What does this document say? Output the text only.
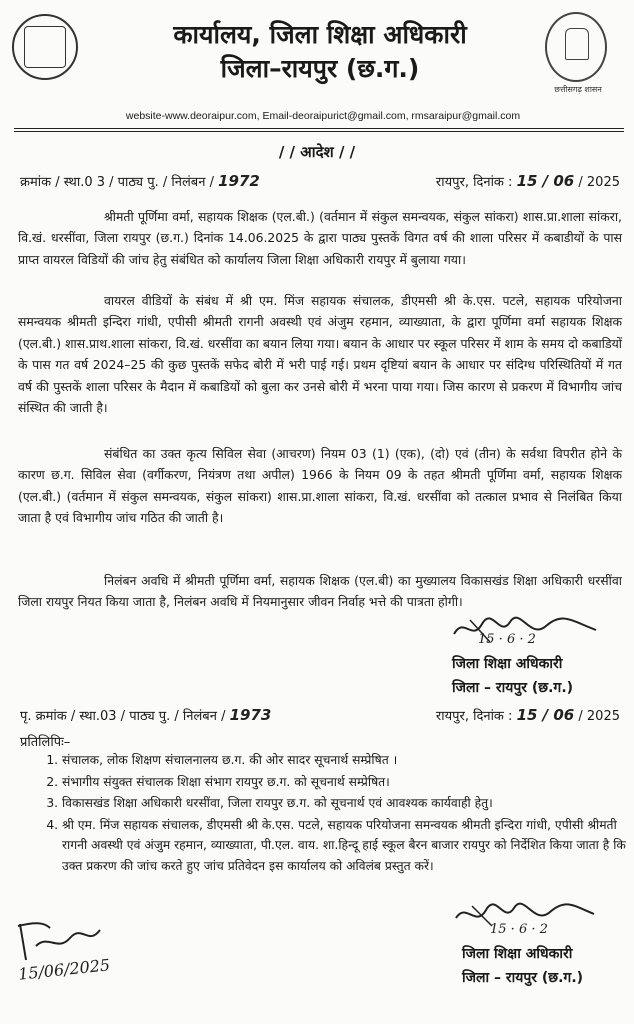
कार्यालय, जिला शिक्षा अधिकारी
जिला–रायपुर (छ.ग.)
छत्तीसगढ़ शासन
website-www.deoraipur.com, Email-deoraipurict@gmail.com, rmsaraipur@gmail.com
/ / आदेश / /
क्रमांक / स्था.0 3 / पाठ्य पु. / निलंबन / 1972	रायपुर, दिनांक : 15 / 06 / 2025
श्रीमती पूर्णिमा वर्मा, सहायक शिक्षक (एल.बी.) (वर्तमान में संकुल समन्वयक, संकुल सांकरा) शास.प्रा.शाला सांकरा, वि.खं. धरसींवा, जिला रायपुर (छ.ग.) दिनांक 14.06.2025 के द्वारा पाठ्य पुस्तकें विगत वर्ष की शाला परिसर में कबाडीयों के पास प्राप्त वायरल विडियों की जांच हेतु संबंधित को कार्यालय जिला शिक्षा अधिकारी रायपुर में बुलाया गया।
वायरल वीडियों के संबंध में श्री एम. मिंज सहायक संचालक, डीएमसी श्री के.एस. पटले, सहायक परियोजना समन्वयक श्रीमती इन्दिरा गांधी, एपीसी श्रीमती रागनी अवस्थी एवं अंजुम रहमान, व्याख्याता, के द्वारा पूर्णिमा वर्मा सहायक शिक्षक (एल.बी.) शास.प्राथ.शाला सांकरा, वि.खं. धरसींवा का बयान लिया गया। बयान के आधार पर स्कूल परिसर में शाम के समय दो कबाडियों के पास गत वर्ष 2024–25 की कुछ पुस्तकें सफेद बोरी में भरी पाई गई। प्रथम दृष्टियां बयान के आधार पर संदिग्ध परिस्थितियों में गत वर्ष की पुस्तकें शाला परिसर के मैदान में कबाडियों को बुला कर उनसे बोरी में भरना पाया गया। जिस कारण से प्रकरण में विभागीय जांच संस्थित की जाती है।
संबंधित का उक्त कृत्य सिविल सेवा (आचरण) नियम 03 (1) (एक), (दो) एवं (तीन) के सर्वथा विपरीत होने के कारण छ.ग. सिविल सेवा (वर्गीकरण, नियंत्रण तथा अपील) 1966 के नियम 09 के तहत श्रीमती पूर्णिमा वर्मा, सहायक शिक्षक (एल.बी.) (वर्तमान में संकुल समन्वयक, संकुल सांकरा) शास.प्रा.शाला सांकरा, वि.खं. धरसींवा को तत्काल प्रभाव से निलंबित किया जाता है एवं विभागीय जांच गठित की जाती है।
निलंबन अवधि में श्रीमती पूर्णिमा वर्मा, सहायक शिक्षक (एल.बी) का मुख्यालय विकासखंड शिक्षा अधिकारी धरसींवा जिला रायपुर नियत किया जाता है, निलंबन अवधि में नियमानुसार जीवन निर्वाह भत्ते की पात्रता होगी।
15 · 6 · 2
जिला शिक्षा अधिकारी
जिला – रायपुर (छ.ग.)
पृ. क्रमांक / स्था.03 / पाठ्य पु. / निलंबन / 1973	रायपुर, दिनांक : 15 / 06 / 2025
प्रतिलिपिः–
1. संचालक, लोक शिक्षण संचालनालय छ.ग. की ओर सादर सूचनार्थ सम्प्रेषित ।
2. संभागीय संयुक्त संचालक शिक्षा संभाग रायपुर छ.ग. को सूचनार्थ सम्प्रेषित।
3. विकासखंड शिक्षा अधिकारी धरसींवा, जिला रायपुर छ.ग. को सूचनार्थ एवं आवश्यक कार्यवाही हेतु।
4. श्री एम. मिंज सहायक संचालक, डीएमसी श्री के.एस. पटले, सहायक परियोजना समन्वयक श्रीमती इन्दिरा गांधी, एपीसी श्रीमती रागनी अवस्थी एवं अंजुम रहमान, व्याख्याता, पी.एल. वाय. शा.हिन्दू हाई स्कूल बैरन बाजार रायपुर को निर्देशित किया जाता है कि उक्त प्रकरण की जांच करते हुए जांच प्रतिवेदन इस कार्यालय को अविलंब प्रस्तुत करें।
15 · 6 · 2
जिला शिक्षा अधिकारी
जिला – रायपुर (छ.ग.)
15/06/2025
